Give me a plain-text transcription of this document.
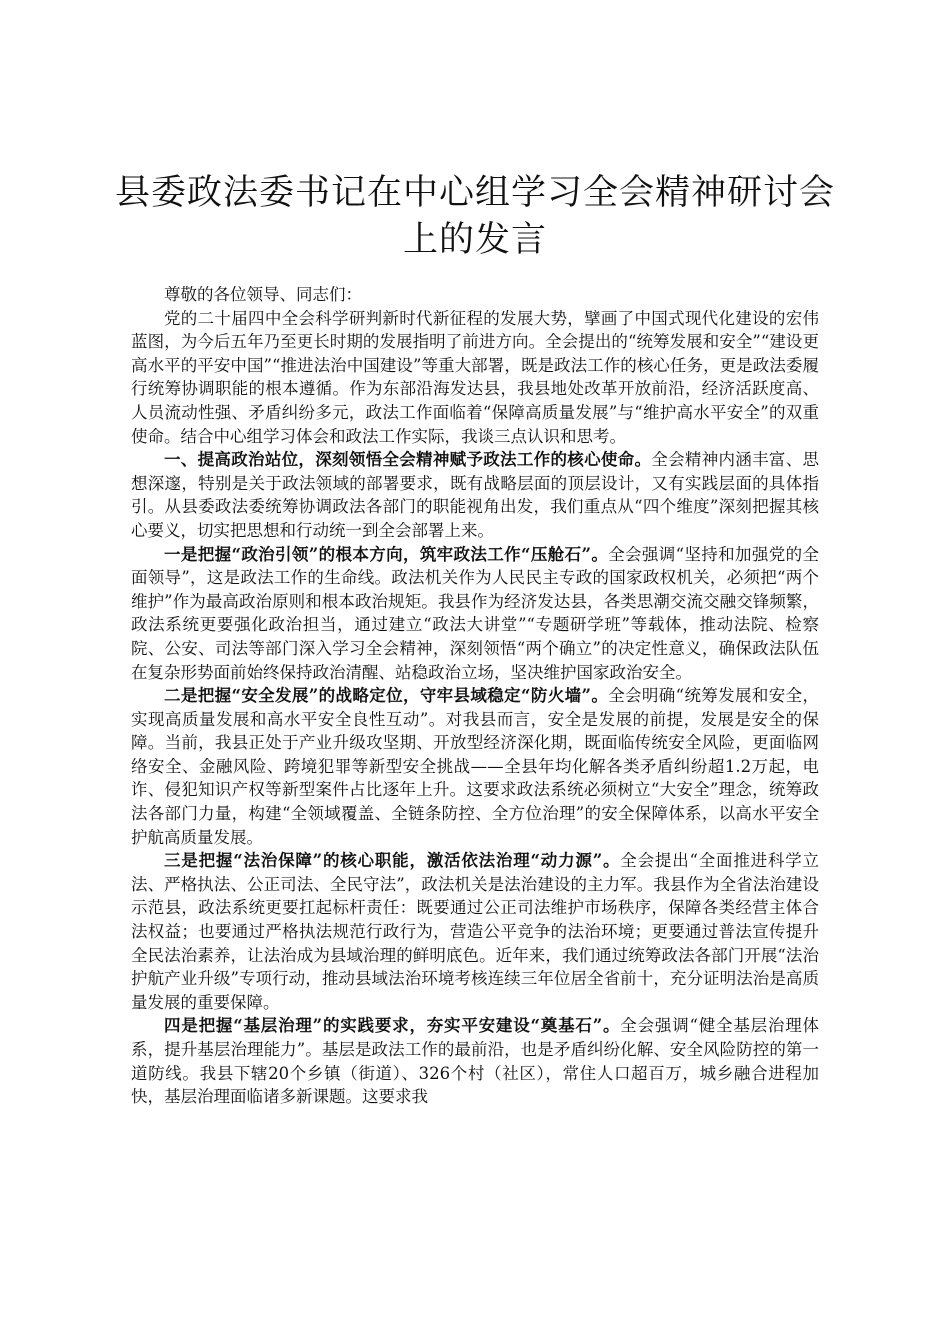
县委政法委书记在中心组学习全会精神研讨会上的发言

尊敬的各位领导、同志们：

党的二十届四中全会科学研判新时代新征程的发展大势，擘画了中国式现代化建设的宏伟蓝图，为今后五年乃至更长时期的发展指明了前进方向。全会提出的“统筹发展和安全”“建设更高水平的平安中国”“推进法治中国建设”等重大部署，既是政法工作的核心任务，更是政法委履行统筹协调职能的根本遵循。作为东部沿海发达县，我县地处改革开放前沿，经济活跃度高、人员流动性强、矛盾纠纷多元，政法工作面临着“保障高质量发展”与“维护高水平安全”的双重使命。结合中心组学习体会和政法工作实际，我谈三点认识和思考。

一、提高政治站位，深刻领悟全会精神赋予政法工作的核心使命。全会精神内涵丰富、思想深邃，特别是关于政法领域的部署要求，既有战略层面的顶层设计，又有实践层面的具体指引。从县委政法委统筹协调政法各部门的职能视角出发，我们重点从“四个维度”深刻把握其核心要义，切实把思想和行动统一到全会部署上来。

一是把握“政治引领”的根本方向，筑牢政法工作“压舱石”。全会强调“坚持和加强党的全面领导”，这是政法工作的生命线。政法机关作为人民民主专政的国家政权机关，必须把“两个维护”作为最高政治原则和根本政治规矩。我县作为经济发达县，各类思潮交流交融交锋频繁，政法系统更要强化政治担当，通过建立“政法大讲堂”“专题研学班”等载体，推动法院、检察院、公安、司法等部门深入学习全会精神，深刻领悟“两个确立”的决定性意义，确保政法队伍在复杂形势面前始终保持政治清醒、站稳政治立场，坚决维护国家政治安全。

二是把握“安全发展”的战略定位，守牢县域稳定“防火墙”。全会明确“统筹发展和安全，实现高质量发展和高水平安全良性互动”。对我县而言，安全是发展的前提，发展是安全的保障。当前，我县正处于产业升级攻坚期、开放型经济深化期，既面临传统安全风险，更面临网络安全、金融风险、跨境犯罪等新型安全挑战——全县年均化解各类矛盾纠纷超1.2万起，电诈、侵犯知识产权等新型案件占比逐年上升。这要求政法系统必须树立“大安全”理念，统筹政法各部门力量，构建“全领域覆盖、全链条防控、全方位治理”的安全保障体系，以高水平安全护航高质量发展。

三是把握“法治保障”的核心职能，激活依法治理“动力源”。全会提出“全面推进科学立法、严格执法、公正司法、全民守法”，政法机关是法治建设的主力军。我县作为全省法治建设示范县，政法系统更要扛起标杆责任：既要通过公正司法维护市场秩序，保障各类经营主体合法权益；也要通过严格执法规范行政行为，营造公平竞争的法治环境；更要通过普法宣传提升全民法治素养，让法治成为县域治理的鲜明底色。近年来，我们通过统筹政法各部门开展“法治护航产业升级”专项行动，推动县域法治环境考核连续三年位居全省前十，充分证明法治是高质量发展的重要保障。

四是把握“基层治理”的实践要求，夯实平安建设“奠基石”。全会强调“健全基层治理体系，提升基层治理能力”。基层是政法工作的最前沿，也是矛盾纠纷化解、安全风险防控的第一道防线。我县下辖20个乡镇（街道）、326个村（社区），常住人口超百万，城乡融合进程加快，基层治理面临诸多新课题。这要求我
